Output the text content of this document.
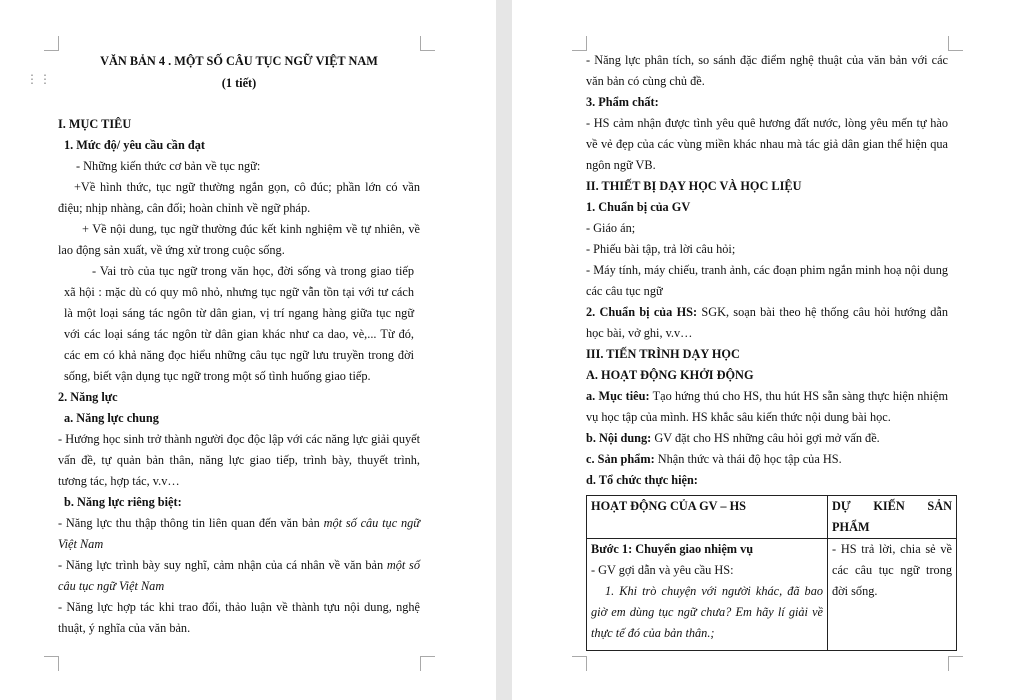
⋮⋮

VĂN BẢN 4 . MỘT SỐ CÂU TỤC NGỮ VIỆT NAM

(1 tiết)

I. MỤC TIÊU

1. Mức độ/ yêu cầu cần đạt

- Những kiến thức cơ bản về tục ngữ:

+Về hình thức, tục ngữ thường ngắn gọn, cô đúc; phần lớn có vần điệu; nhịp nhàng, cân đối; hoàn chỉnh về ngữ pháp.

+ Về nội dung, tục ngữ thường đúc kết kinh nghiệm về tự nhiên, về lao động sản xuất, về ứng xử trong cuộc sống.

- Vai trò của tục ngữ trong văn học, đời sống và trong giao tiếp xã hội : mặc dù có quy mô nhỏ, nhưng tục ngữ vẫn tồn tại với tư cách là một loại sáng tác ngôn từ dân gian, vị trí ngang hàng giữa tục ngữ với các loại sáng tác ngôn từ dân gian khác như ca dao, vè,... Từ đó, các em có khả năng đọc hiểu những câu tục ngữ lưu truyền trong đời sống, biết vận dụng tục ngữ trong một số tình huống giao tiếp.

2. Năng lực

a. Năng lực chung

- Hướng học sinh trở thành người đọc độc lập với các năng lực giải quyết vấn đề, tự quản bản thân, năng lực giao tiếp, trình bày, thuyết trình, tương tác, hợp tác, v.v…

b. Năng lực riêng biệt:

- Năng lực thu thập thông tin liên quan đến văn bản một số câu tục ngữ Việt Nam

- Năng lực trình bày suy nghĩ, cảm nhận của cá nhân về văn bản một số câu tục ngữ Việt Nam

- Năng lực hợp tác khi trao đổi, thảo luận về thành tựu nội dung, nghệ thuật, ý nghĩa của văn bản.

- Năng lực phân tích, so sánh đặc điểm nghệ thuật của văn bản với các văn bản có cùng chủ đề.

3. Phẩm chất:

- HS cảm nhận được tình yêu quê hương đất nước, lòng yêu mến tự hào về vẻ đẹp của các vùng miền khác nhau mà tác giả dân gian thể hiện qua ngôn ngữ VB.

II. THIẾT BỊ DẠY HỌC VÀ HỌC LIỆU

1. Chuẩn bị của GV

- Giáo án;

- Phiếu bài tập, trả lời câu hỏi;

- Máy tính, máy chiếu, tranh ảnh, các đoạn phim ngắn minh hoạ nội dung các câu tục ngữ

2. Chuẩn bị của HS: SGK, soạn bài theo hệ thống câu hỏi hướng dẫn học bài, vở ghi, v.v…

III. TIẾN TRÌNH DẠY HỌC

A. HOẠT ĐỘNG KHỞI ĐỘNG

a. Mục tiêu: Tạo hứng thú cho HS, thu hút HS sẵn sàng thực hiện nhiệm vụ học tập của mình. HS khắc sâu kiến thức nội dung bài học.

b. Nội dung: GV đặt cho HS những câu hỏi gợi mở vấn đề.

c. Sản phẩm: Nhận thức và thái độ học tập của HS.

d. Tổ chức thực hiện:

HOẠT ĐỘNG CỦA GV – HS	DỰ KIẾN SẢN
PHẨM

Bước 1: Chuyển giao nhiệm vụ
- GV gợi dẫn và yêu cầu HS:
1. Khi trò chuyện với người khác, đã bao giờ em dùng tục ngữ chưa? Em hãy lí giải về thực tế đó của bản thân.;	- HS trả lời, chia sẻ về các câu tục ngữ trong đời sống.
